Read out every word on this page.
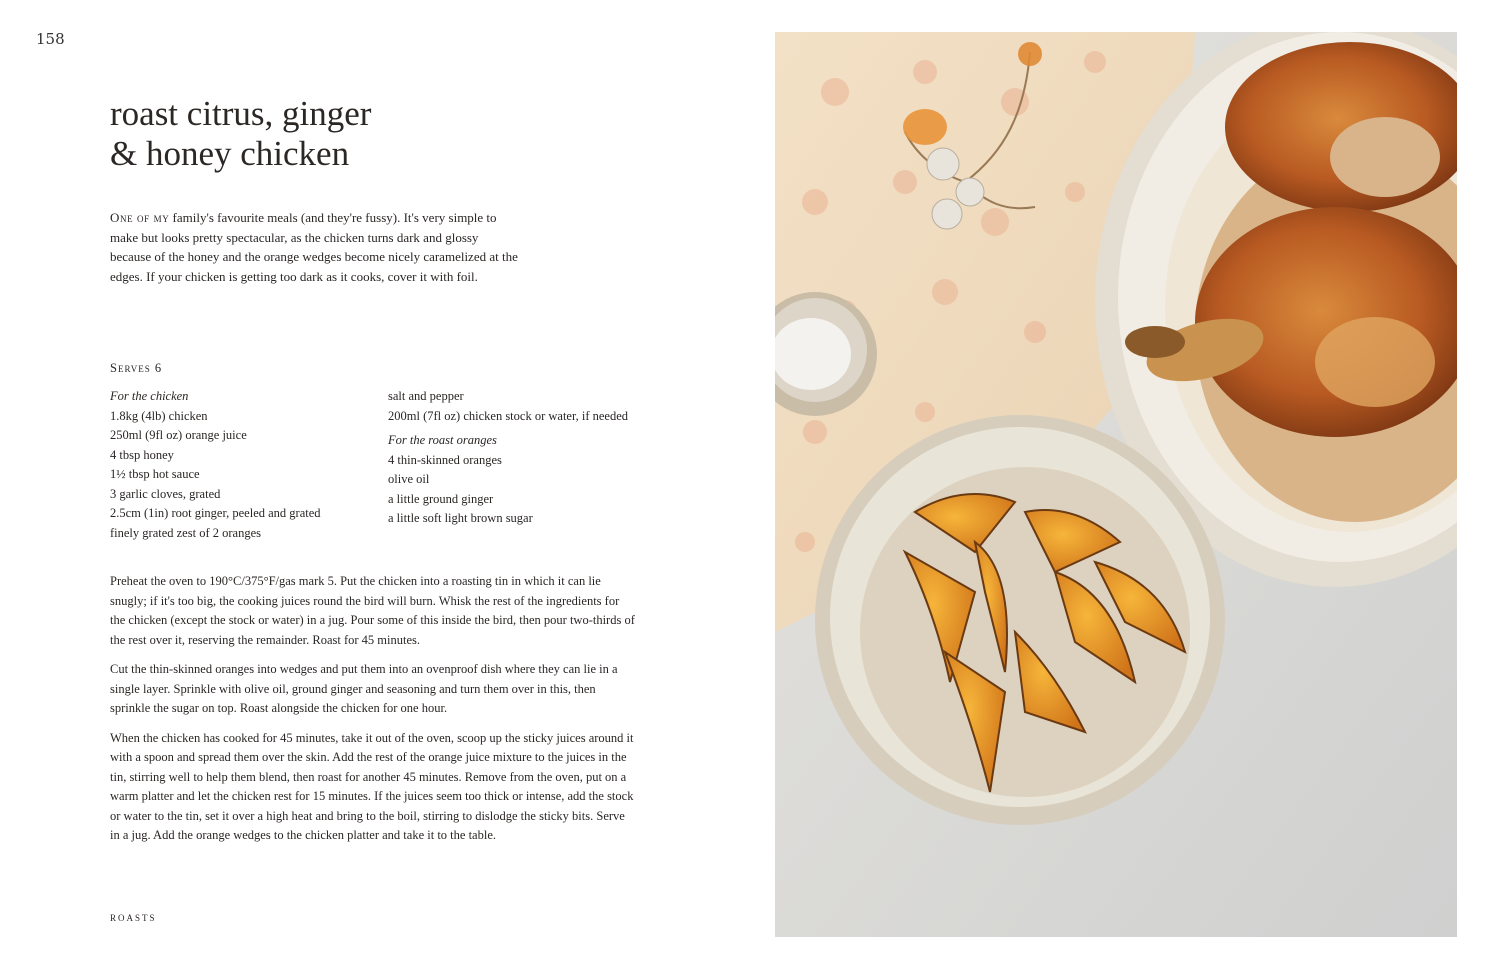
158
roast citrus, ginger
& honey chicken

One of my family's favourite meals (and they're fussy). It's very simple to make but looks pretty spectacular, as the chicken turns dark and glossy because of the honey and the orange wedges become nicely caramelized at the edges. If your chicken is getting too dark as it cooks, cover it with foil.

Serves 6
For the chicken
1.8kg (4lb) chicken
250ml (9fl oz) orange juice
4 tbsp honey
1½ tbsp hot sauce
3 garlic cloves, grated
2.5cm (1in) root ginger, peeled and grated
finely grated zest of 2 oranges
salt and pepper
200ml (7fl oz) chicken stock or water, if needed
For the roast oranges
4 thin-skinned oranges
olive oil
a little ground ginger
a little soft light brown sugar

Preheat the oven to 190°C/375°F/gas mark 5. Put the chicken into a roasting tin in which it can lie snugly; if it's too big, the cooking juices round the bird will burn. Whisk the rest of the ingredients for the chicken (except the stock or water) in a jug. Pour some of this inside the bird, then pour two-thirds of the rest over it, reserving the remainder. Roast for 45 minutes.

Cut the thin-skinned oranges into wedges and put them into an ovenproof dish where they can lie in a single layer. Sprinkle with olive oil, ground ginger and seasoning and turn them over in this, then sprinkle the sugar on top. Roast alongside the chicken for one hour.

When the chicken has cooked for 45 minutes, take it out of the oven, scoop up the sticky juices around it with a spoon and spread them over the skin. Add the rest of the orange juice mixture to the juices in the tin, stirring well to help them blend, then roast for another 45 minutes. Remove from the oven, put on a warm platter and let the chicken rest for 15 minutes. If the juices seem too thick or intense, add the stock or water to the tin, set it over a high heat and bring to the boil, stirring to dislodge the sticky bits. Serve in a jug. Add the orange wedges to the chicken platter and take it to the table.

ROASTS
